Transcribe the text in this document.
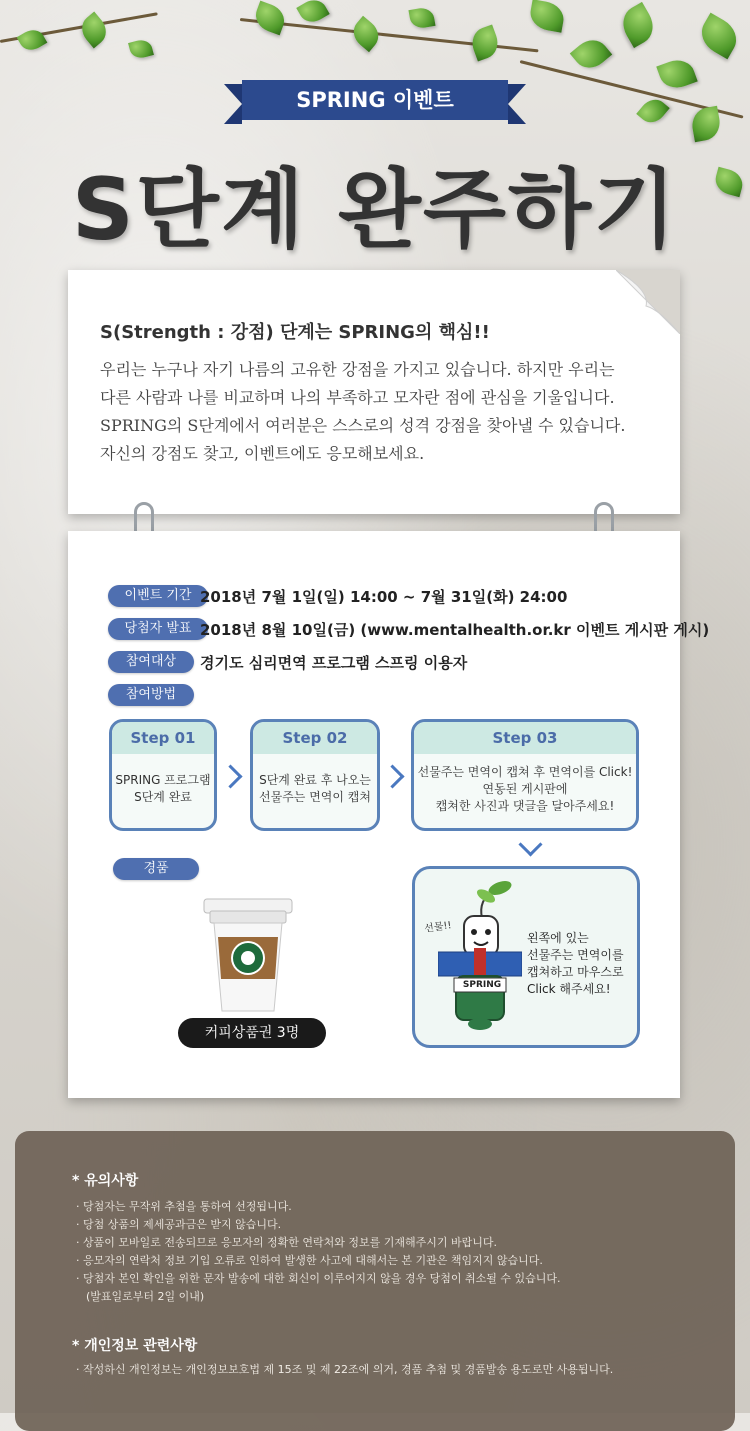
SPRING 이벤트
S단계 완주하기
S(Strength : 강점) 단계는 SPRING의 핵심!!
우리는 누구나 자기 나름의 고유한 강점을 가지고 있습니다. 하지만 우리는
다른 사람과 나를 비교하며 나의 부족하고 모자란 점에 관심을 기울입니다.
SPRING의 S단계에서 여러분은 스스로의 성격 강점을 찾아낼 수 있습니다.
자신의 강점도 찾고, 이벤트에도 응모해보세요.
이벤트 기간 2018년 7월 1일(일) 14:00 ~ 7월 31일(화) 24:00
당첨자 발표 2018년 8월 10일(금) (www.mentalhealth.or.kr 이벤트 게시판 게시)
참여대상	경기도 심리면역 프로그램 스프링 이용자
참여방법
Step 01
SPRING 프로그램
S단계 완료
Step 02
S단계 완료 후 나오는
선물주는 면역이 캡쳐
Step 03
선물주는 면역이 캡쳐 후 면역이를 Click!
연동된 게시판에
캡쳐한 사진과 댓글을 달아주세요!
경품
커피상품권 3명
선물!!
SPRING
왼쪽에 있는
선물주는 면역이를
캡쳐하고 마우스로
Click 해주세요!
* 유의사항
· 당첨자는 무작위 추첨을 통하여 선정됩니다.
· 당첨 상품의 제세공과금은 받지 않습니다.
· 상품이 모바일로 전송되므로 응모자의 정확한 연락처와 정보를 기재해주시기 바랍니다.
· 응모자의 연락처 정보 기입 오류로 인하여 발생한 사고에 대해서는 본 기관은 책임지지 않습니다.
· 당첨자 본인 확인을 위한 문자 발송에 대한 회신이 이루어지지 않을 경우 당첨이 취소될 수 있습니다.
(발표일로부터 2일 이내)
* 개인정보 관련사항
· 작성하신 개인정보는 개인정보보호법 제 15조 및 제 22조에 의거, 경품 추첨 및 경품발송 용도로만 사용됩니다.
